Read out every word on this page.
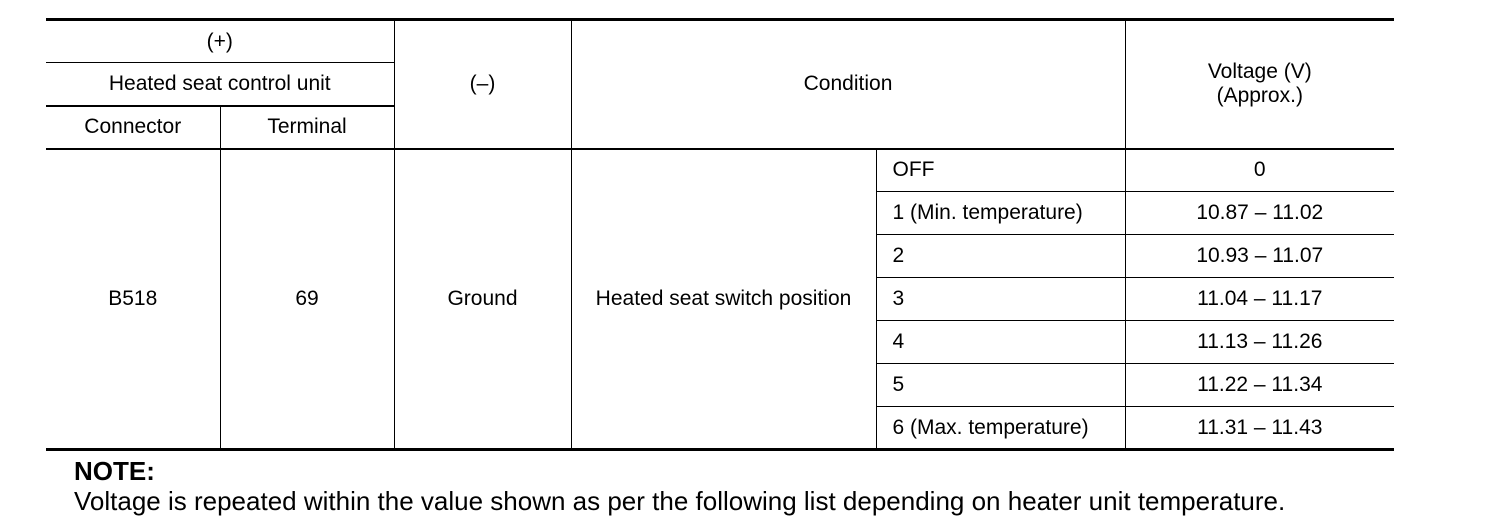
(+)		(–)	Condition		Voltage (V)
(Approx.)

Heated seat control unit					
Connector	Terminal				
B518	69	Ground	Heated seat switch position	OFF	0
				1 (Min. temperature)	10.87 – 11.02
				2	10.93 – 11.07
				3	11.04 – 11.17
				4	11.13 – 11.26
				5	11.22 – 11.34
				6 (Max. temperature)	11.31 – 11.43
NOTE:
Voltage is repeated within the value shown as per the following list depending on heater unit temperature.
